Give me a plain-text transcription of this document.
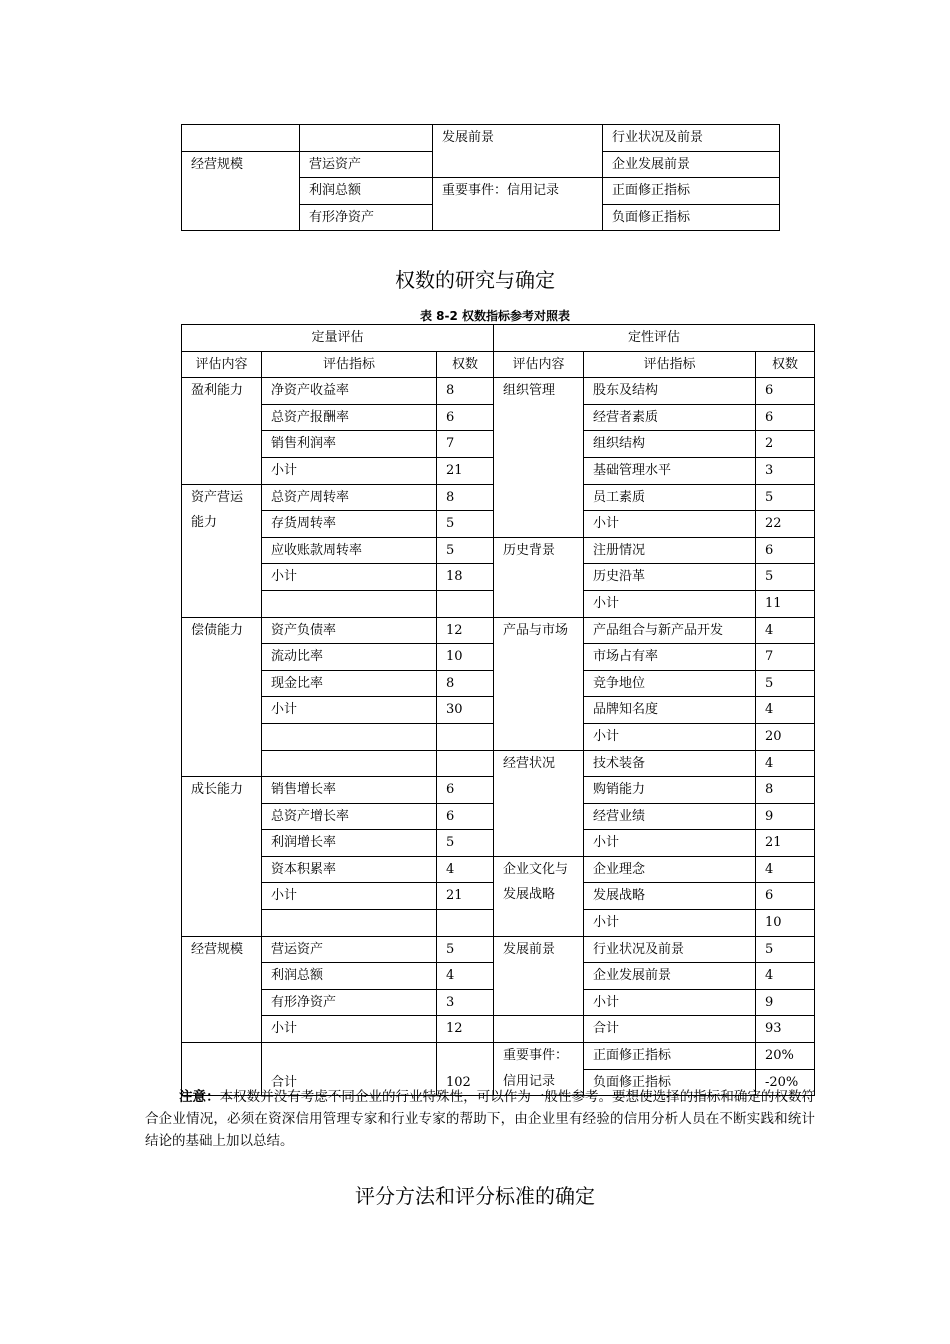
		发展前景	行业状况及前景
经营规模	营运资产		企业发展前景
	利润总额	重要事件：信用记录	正面修正指标
	有形净资产		负面修正指标
权数的研究与确定
表 8-2 权数指标参考对照表
定量评估			定性评估		
评估内容	评估指标	权数	评估内容	评估指标	权数
盈利能力	净资产收益率	8	组织管理	股东及结构	6
	总资产报酬率	6		经营者素质	6
	销售利润率	7		组织结构	2
	小计	21		基础管理水平	3
资产营运能力	总资产周转率	8		员工素质	5
	存货周转率	5		小计	22
	应收账款周转率	5	历史背景	注册情况	6
	小计	18		历史沿革	5
				小计	11
偿债能力	资产负债率	12	产品与市场	产品组合与新产品开发	4
	流动比率	10		市场占有率	7
	现金比率	8		竞争地位	5
	小计	30		品牌知名度	4
				小计	20
			经营状况	技术装备	4
成长能力	销售增长率	6		购销能力	8
	总资产增长率	6		经营业绩	9
	利润增长率	5		小计	21
	资本积累率	4	企业文化与发展战略	企业理念	4
	小计	21		发展战略	6
				小计	10
经营规模	营运资产	5	发展前景	行业状况及前景	5
	利润总额	4		企业发展前景	4
	有形净资产	3		小计	9
	小计	12		合计	93
	合计	102	重要事件：信用记录	正面修正指标	20%
				负面修正指标	-20%
注意：本权数并没有考虑不同企业的行业特殊性，可以作为一般性参考。要想使选择的指标和确定的权数符合企业情况，必须在资深信用管理专家和行业专家的帮助下，由企业里有经验的信用分析人员在不断实践和统计结论的基础上加以总结。
评分方法和评分标准的确定
